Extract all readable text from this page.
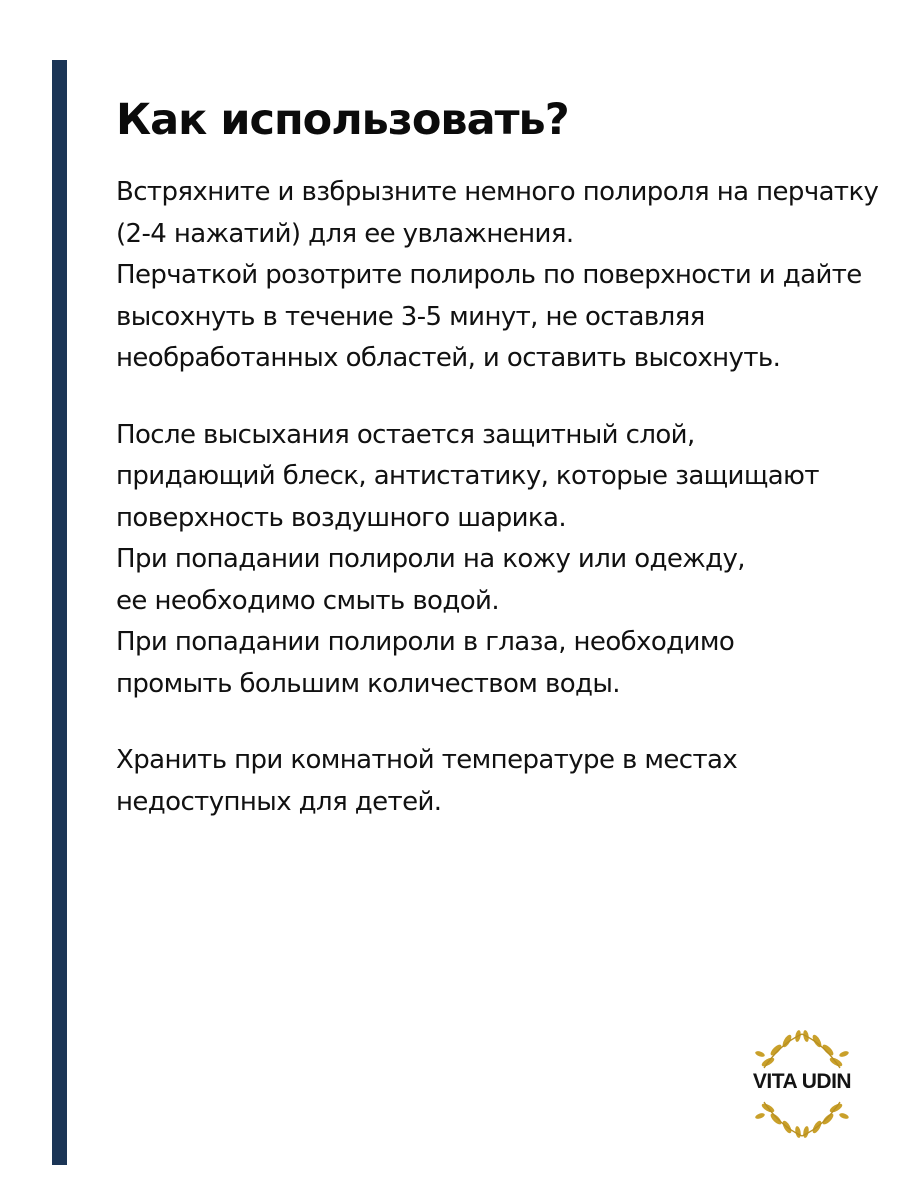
Как использовать?

Встряхните и взбрызните немного полироля на перчатку
(2-4 нажатий) для ее увлажнения.
Перчаткой розотрите полироль по поверхности и дайте
высохнуть в течение 3-5 минут, не оставляя
необработанных областей, и оставить высохнуть.

После высыхания остается защитный слой,
придающий блеск, антистатику, которые защищают
поверхность воздушного шарика.
При попадании полироли на кожу или одежду,
ее необходимо смыть водой.
При попадании полироли в глаза, необходимо
промыть большим количеством воды.

Хранить при комнатной температуре в местах
недоступных для детей.

VITA UDIN
